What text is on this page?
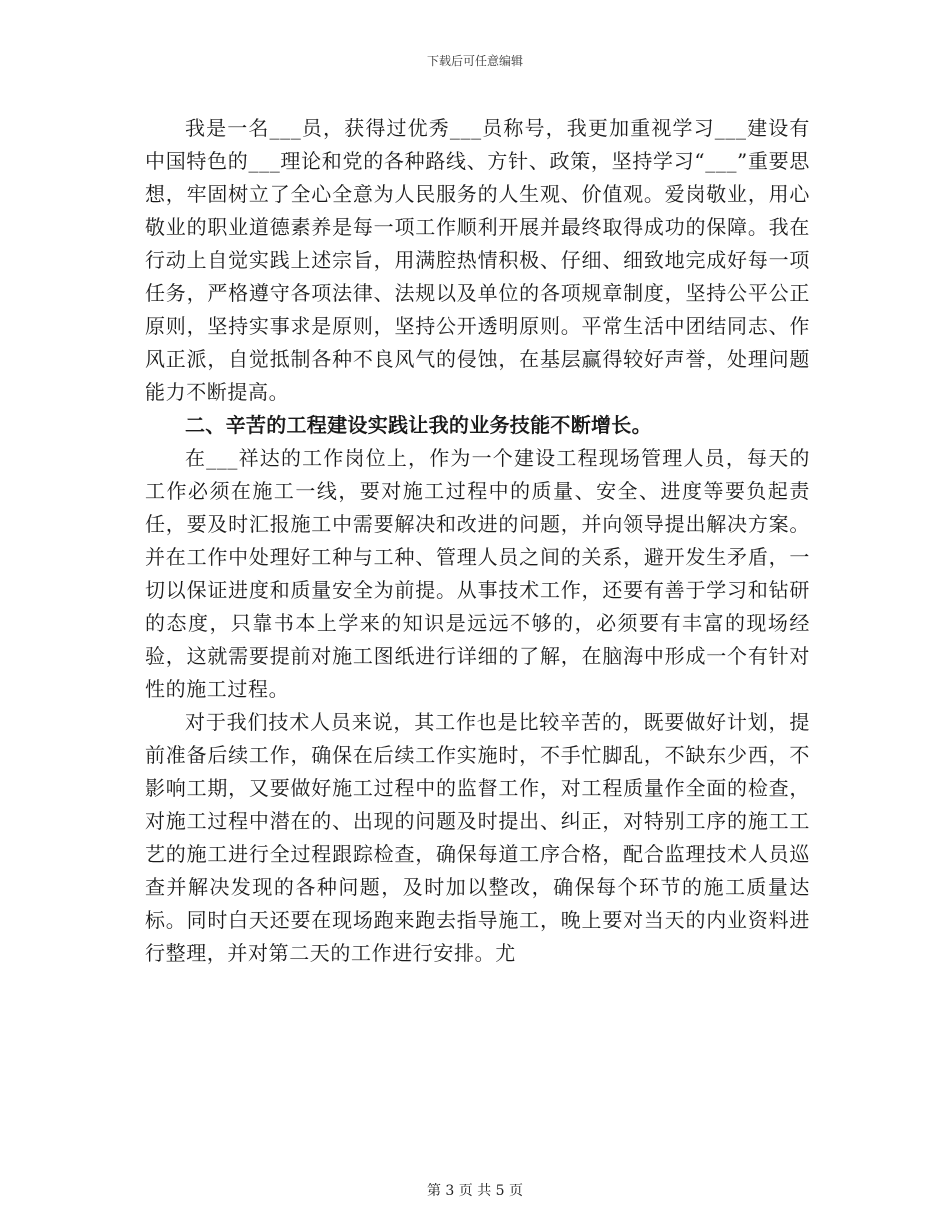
下载后可任意编辑

我是一名___员，获得过优秀___员称号，我更加重视学习___建设有中国特色的___理论和党的各种路线、方针、政策，坚持学习“___”重要思想，牢固树立了全心全意为人民服务的人生观、价值观。爱岗敬业，用心敬业的职业道德素养是每一项工作顺利开展并最终取得成功的保障。我在行动上自觉实践上述宗旨，用满腔热情积极、仔细、细致地完成好每一项任务，严格遵守各项法律、法规以及单位的各项规章制度，坚持公平公正原则，坚持实事求是原则，坚持公开透明原则。平常生活中团结同志、作风正派，自觉抵制各种不良风气的侵蚀，在基层赢得较好声誉，处理问题能力不断提高。

二、辛苦的工程建设实践让我的业务技能不断增长。

在___祥达的工作岗位上，作为一个建设工程现场管理人员，每天的工作必须在施工一线，要对施工过程中的质量、安全、进度等要负起责任，要及时汇报施工中需要解决和改进的问题，并向领导提出解决方案。并在工作中处理好工种与工种、管理人员之间的关系，避开发生矛盾，一切以保证进度和质量安全为前提。从事技术工作，还要有善于学习和钻研的态度，只靠书本上学来的知识是远远不够的，必须要有丰富的现场经验，这就需要提前对施工图纸进行详细的了解，在脑海中形成一个有针对性的施工过程。

对于我们技术人员来说，其工作也是比较辛苦的，既要做好计划，提前准备后续工作，确保在后续工作实施时，不手忙脚乱，不缺东少西，不影响工期，又要做好施工过程中的监督工作，对工程质量作全面的检查，对施工过程中潜在的、出现的问题及时提出、纠正，对特别工序的施工工艺的施工进行全过程跟踪检查，确保每道工序合格，配合监理技术人员巡查并解决发现的各种问题，及时加以整改，确保每个环节的施工质量达标。同时白天还要在现场跑来跑去指导施工，晚上要对当天的内业资料进行整理，并对第二天的工作进行安排。尤

第 3 页 共 5 页
